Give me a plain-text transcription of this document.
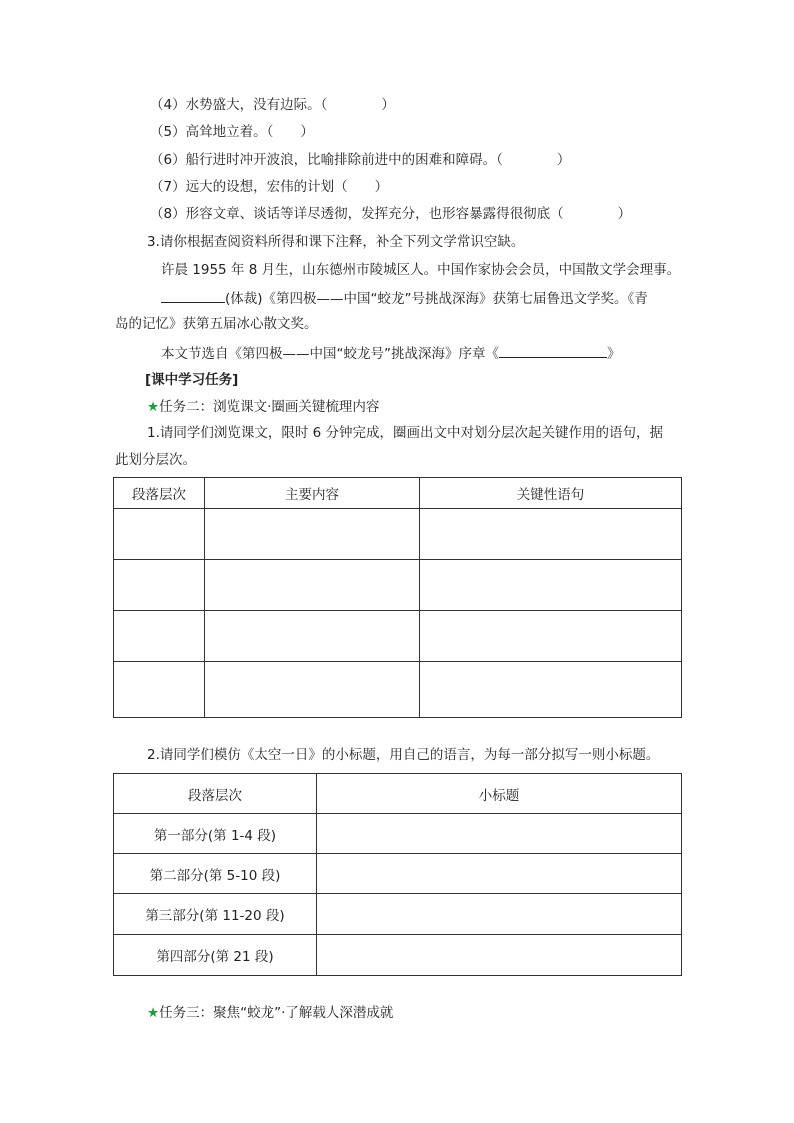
（4）水势盛大，没有边际。（　　　　）
（5）高耸地立着。（　　）
（6）船行进时冲开波浪，比喻排除前进中的困难和障碍。（　　　　）
（7）远大的设想，宏伟的计划（　　）
（8）形容文章、谈话等详尽透彻，发挥充分，也形容暴露得很彻底（　　　　）
3.请你根据查阅资料所得和课下注释，补全下列文学常识空缺。
许晨 1955 年 8 月生，山东德州市陵城区人。中国作家协会会员，中国散文学会理事。
(体裁)《第四极——中国“蛟龙”号挑战深海》获第七届鲁迅文学奖。《青
岛的记忆》获第五届冰心散文奖。
本文节选自《第四极——中国“蛟龙号”挑战深海》序章《	》
[课中学习任务]
★任务二：浏览课文·圈画关键梳理内容
1.请同学们浏览课文，限时 6 分钟完成，圈画出文中对划分层次起关键作用的语句，据
此划分层次。
段落层次	主要内容	关键性语句

2.请同学们模仿《太空一日》的小标题，用自己的语言，为每一部分拟写一则小标题。
段落层次	小标题
第一部分(第 1-4 段)	
第二部分(第 5-10 段)	
第三部分(第 11-20 段)	
第四部分(第 21 段)	
★任务三：聚焦“蛟龙”·了解载人深潜成就
